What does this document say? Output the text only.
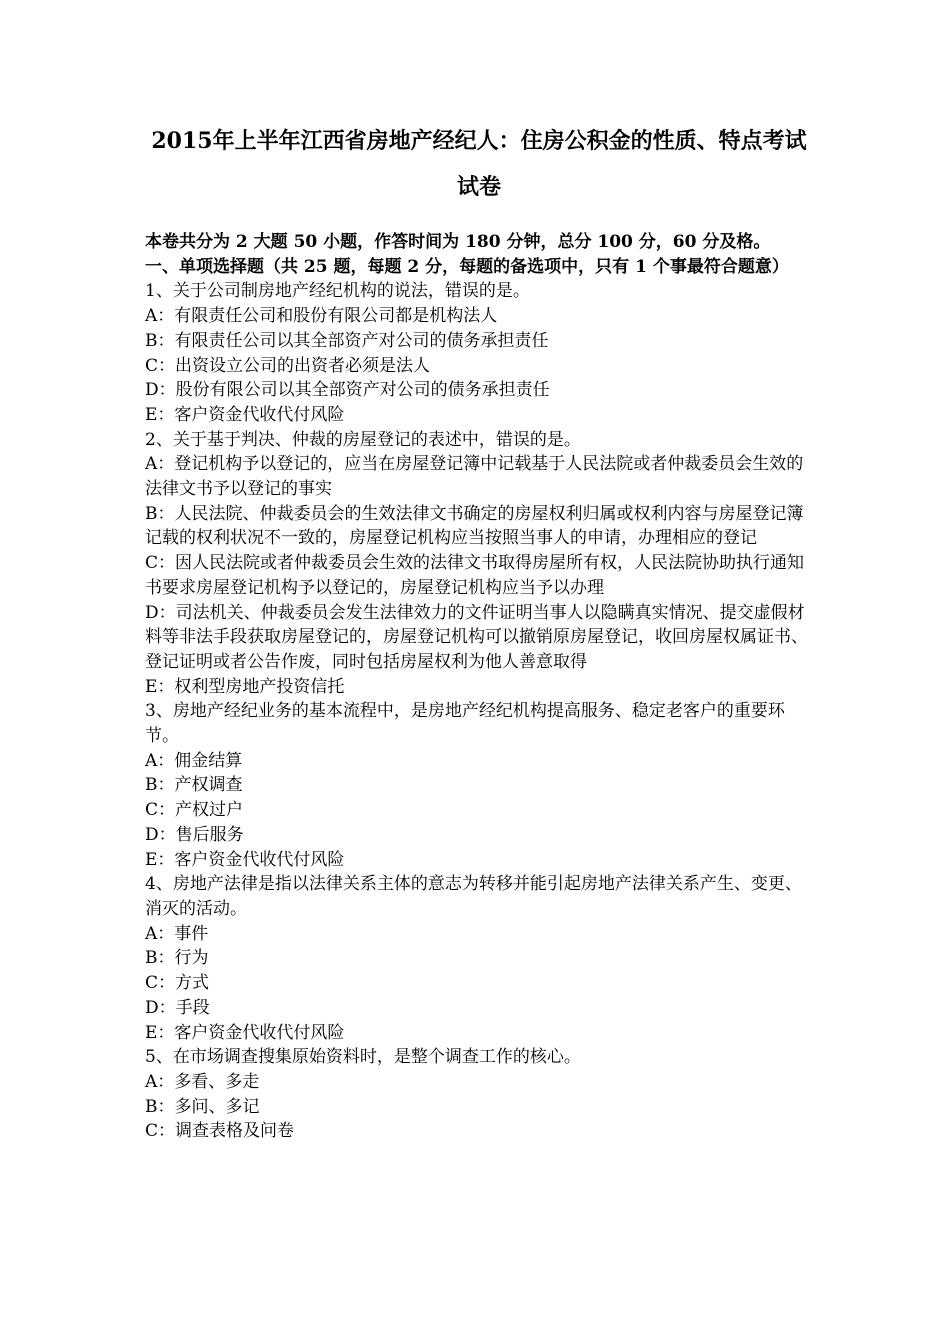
2015年上半年江西省房地产经纪人：住房公积金的性质、特点考试
试卷
本卷共分为 2 大题 50 小题，作答时间为 180 分钟，总分 100 分，60 分及格。
一、单项选择题（共 25 题，每题 2 分，每题的备选项中，只有 1 个事最符合题意）
1、关于公司制房地产经纪机构的说法，错误的是。
A：有限责任公司和股份有限公司都是机构法人
B：有限责任公司以其全部资产对公司的债务承担责任
C：出资设立公司的出资者必须是法人
D：股份有限公司以其全部资产对公司的债务承担责任
E：客户资金代收代付风险
2、关于基于判决、仲裁的房屋登记的表述中，错误的是。
A：登记机构予以登记的，应当在房屋登记簿中记载基于人民法院或者仲裁委员会生效的法律文书予以登记的事实
B：人民法院、仲裁委员会的生效法律文书确定的房屋权利归属或权利内容与房屋登记簿记载的权利状况不一致的，房屋登记机构应当按照当事人的申请，办理相应的登记
C：因人民法院或者仲裁委员会生效的法律文书取得房屋所有权，人民法院协助执行通知书要求房屋登记机构予以登记的，房屋登记机构应当予以办理
D：司法机关、仲裁委员会发生法律效力的文件证明当事人以隐瞒真实情况、提交虚假材料等非法手段获取房屋登记的，房屋登记机构可以撤销原房屋登记，收回房屋权属证书、登记证明或者公告作废，同时包括房屋权利为他人善意取得
E：权利型房地产投资信托
3、房地产经纪业务的基本流程中，是房地产经纪机构提高服务、稳定老客户的重要环节。
A：佣金结算
B：产权调查
C：产权过户
D：售后服务
E：客户资金代收代付风险
4、房地产法律是指以法律关系主体的意志为转移并能引起房地产法律关系产生、变更、消灭的活动。
A：事件
B：行为
C：方式
D：手段
E：客户资金代收代付风险
5、在市场调查搜集原始资料时，是整个调查工作的核心。
A：多看、多走
B：多问、多记
C：调查表格及问卷
